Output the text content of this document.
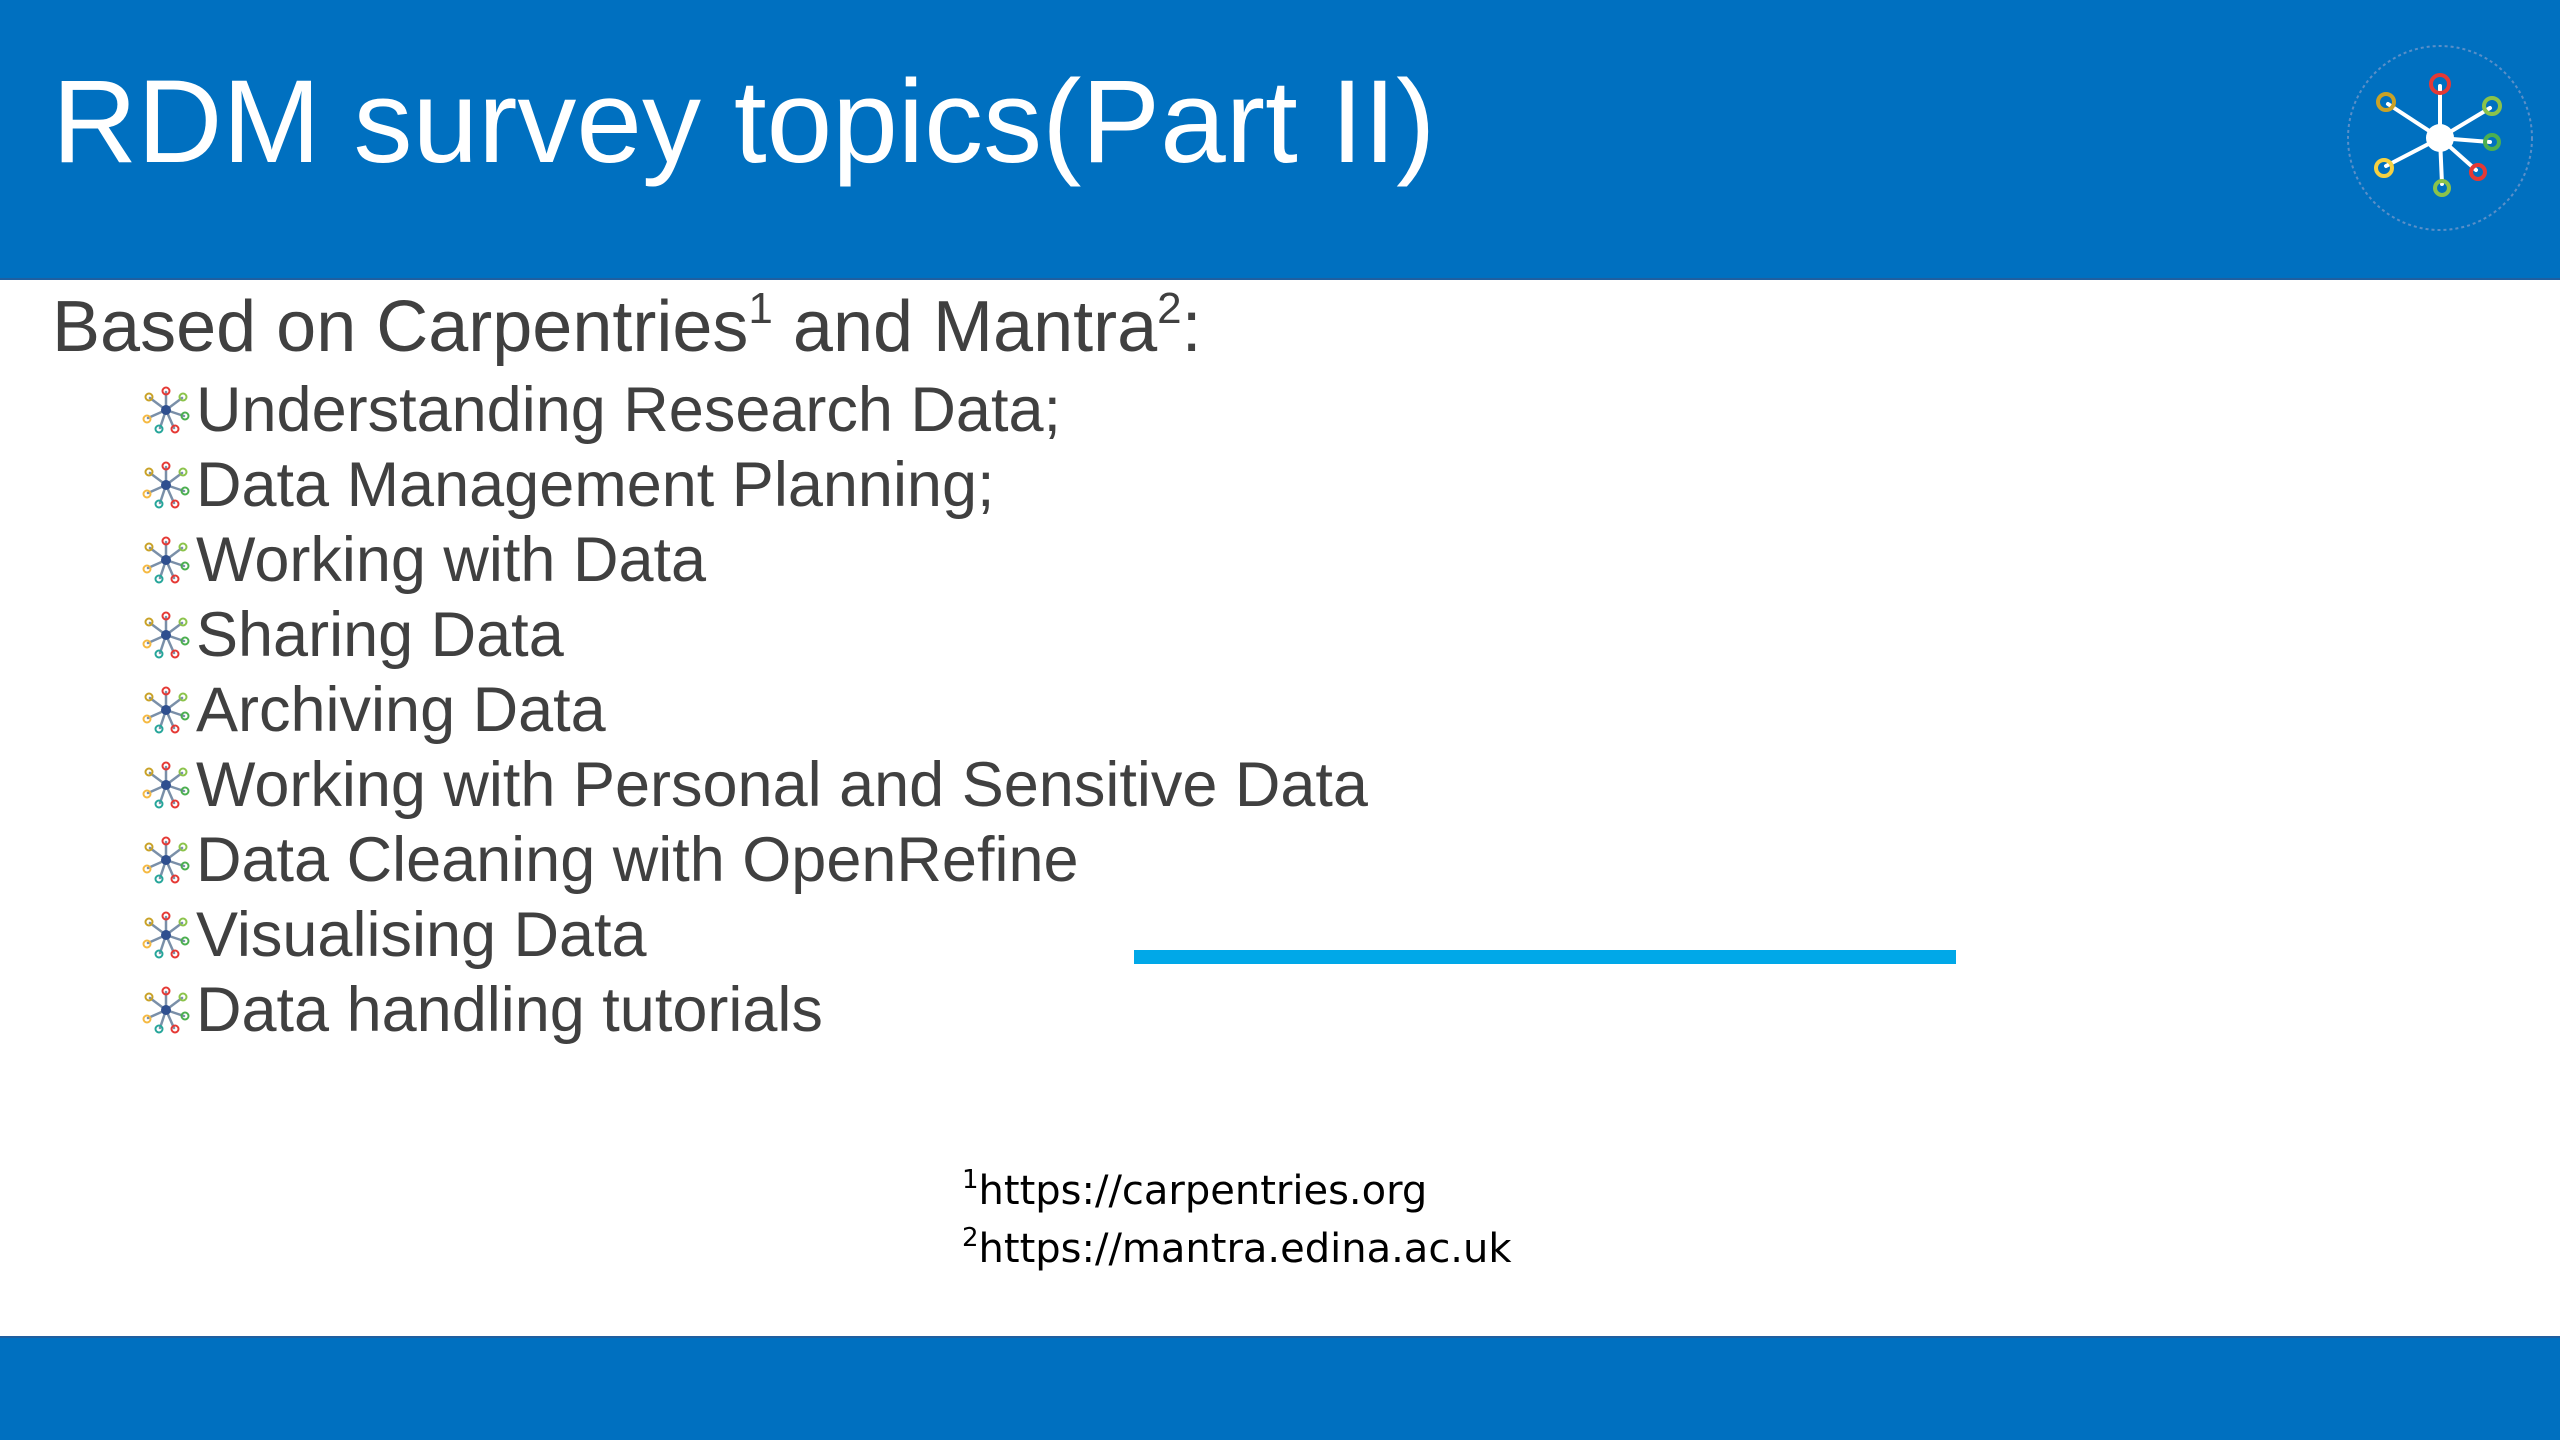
RDM survey topics(Part II)

Based on Carpentries$^1$ and Mantra$^2$:

Understanding Research Data;
Data Management Planning;
Working with Data
Sharing Data
Archiving Data
Working with Personal and Sensitive Data
Data Cleaning with OpenRefine
Visualising Data
Data handling tutorials
$^1$https://carpentries.org
$^2$https://mantra.edina.ac.uk
